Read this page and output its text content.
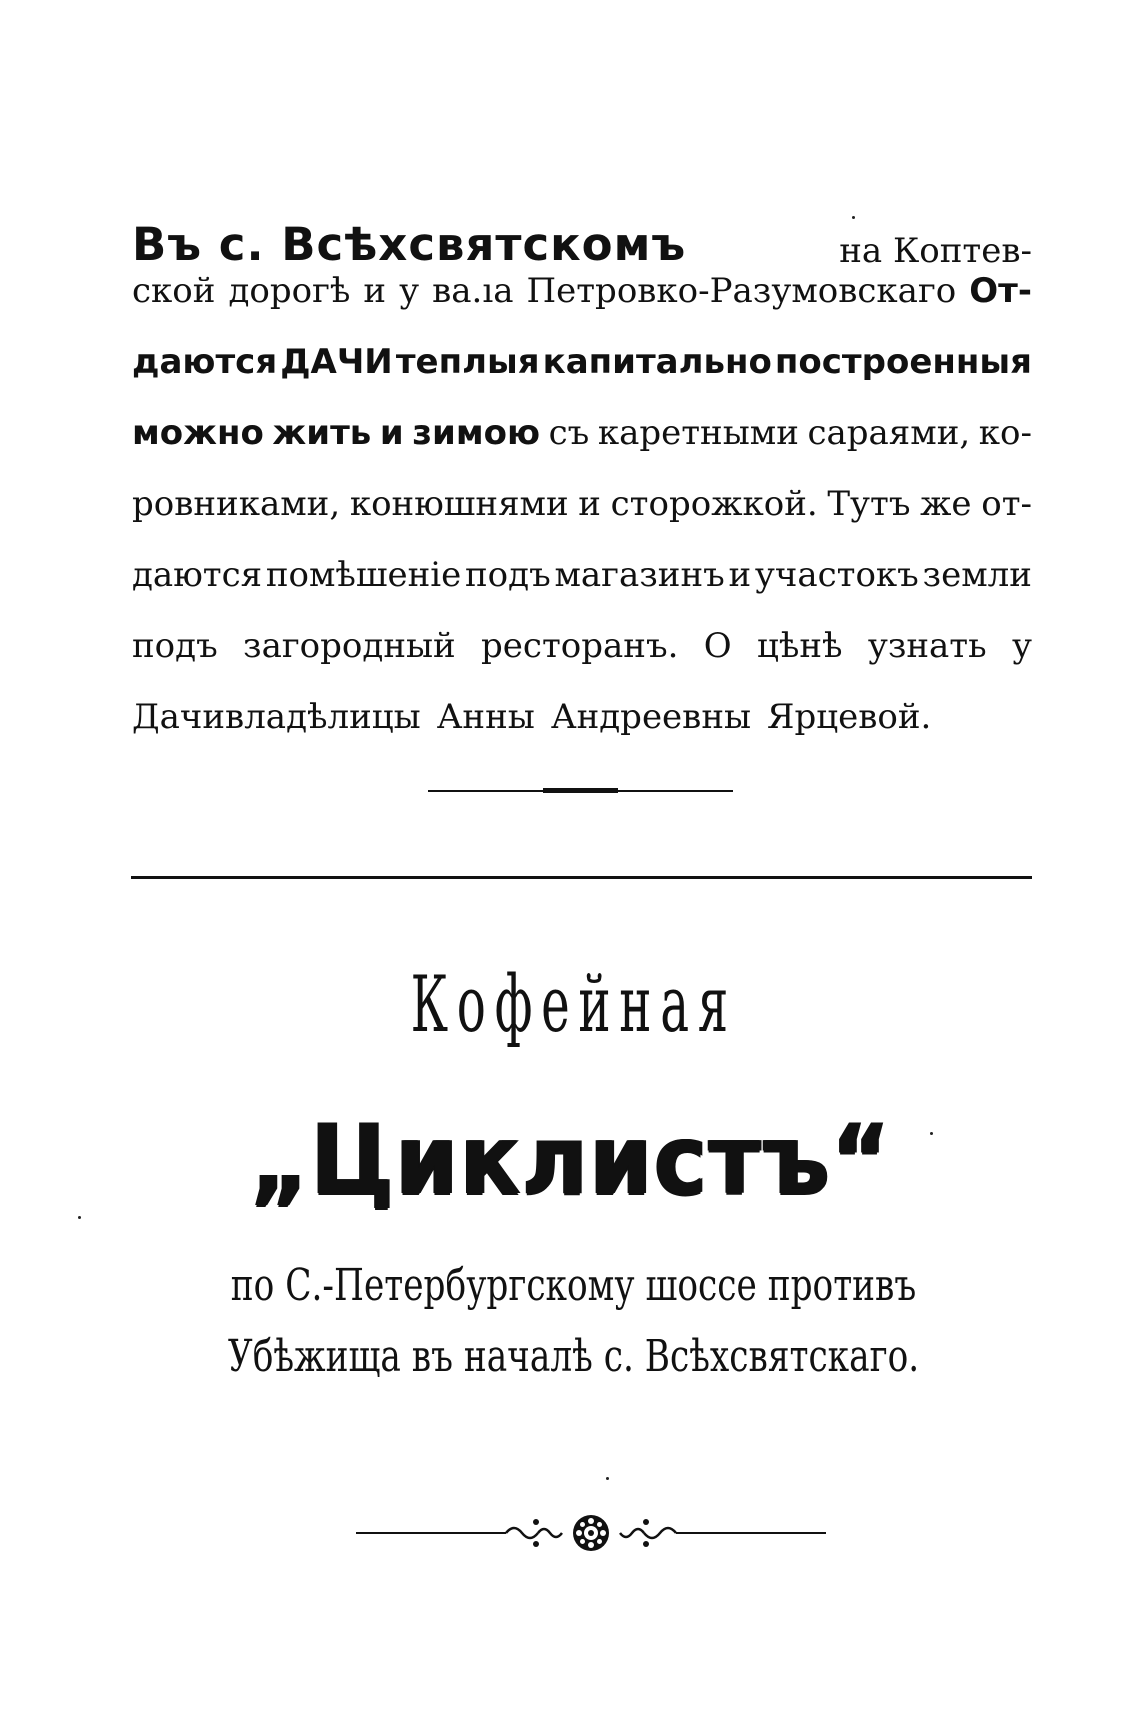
Въ с. Всѣхсвятскомъ	на Коптев-
ской дорогѣ и у ва.ıа Петровко-Разумовскаго От-
даются ДАЧИ теплыя капитально построенныя
можно жить и зимою съ каретными сараями, ко-
ровниками, конюшнями и сторожкой. Тутъ же от-
даются помѣшеніе подъ магазинъ и участокъ земли
подъ загородный ресторанъ. О цѣнѣ узнать у
Дачивладѣлицы Анны Андреевны Ярцевой.
Кофейная
„Циклистъ“
по С.-Петербургскому шоссе противъ
Убѣжища въ началѣ с. Всѣхсвятскаго.
